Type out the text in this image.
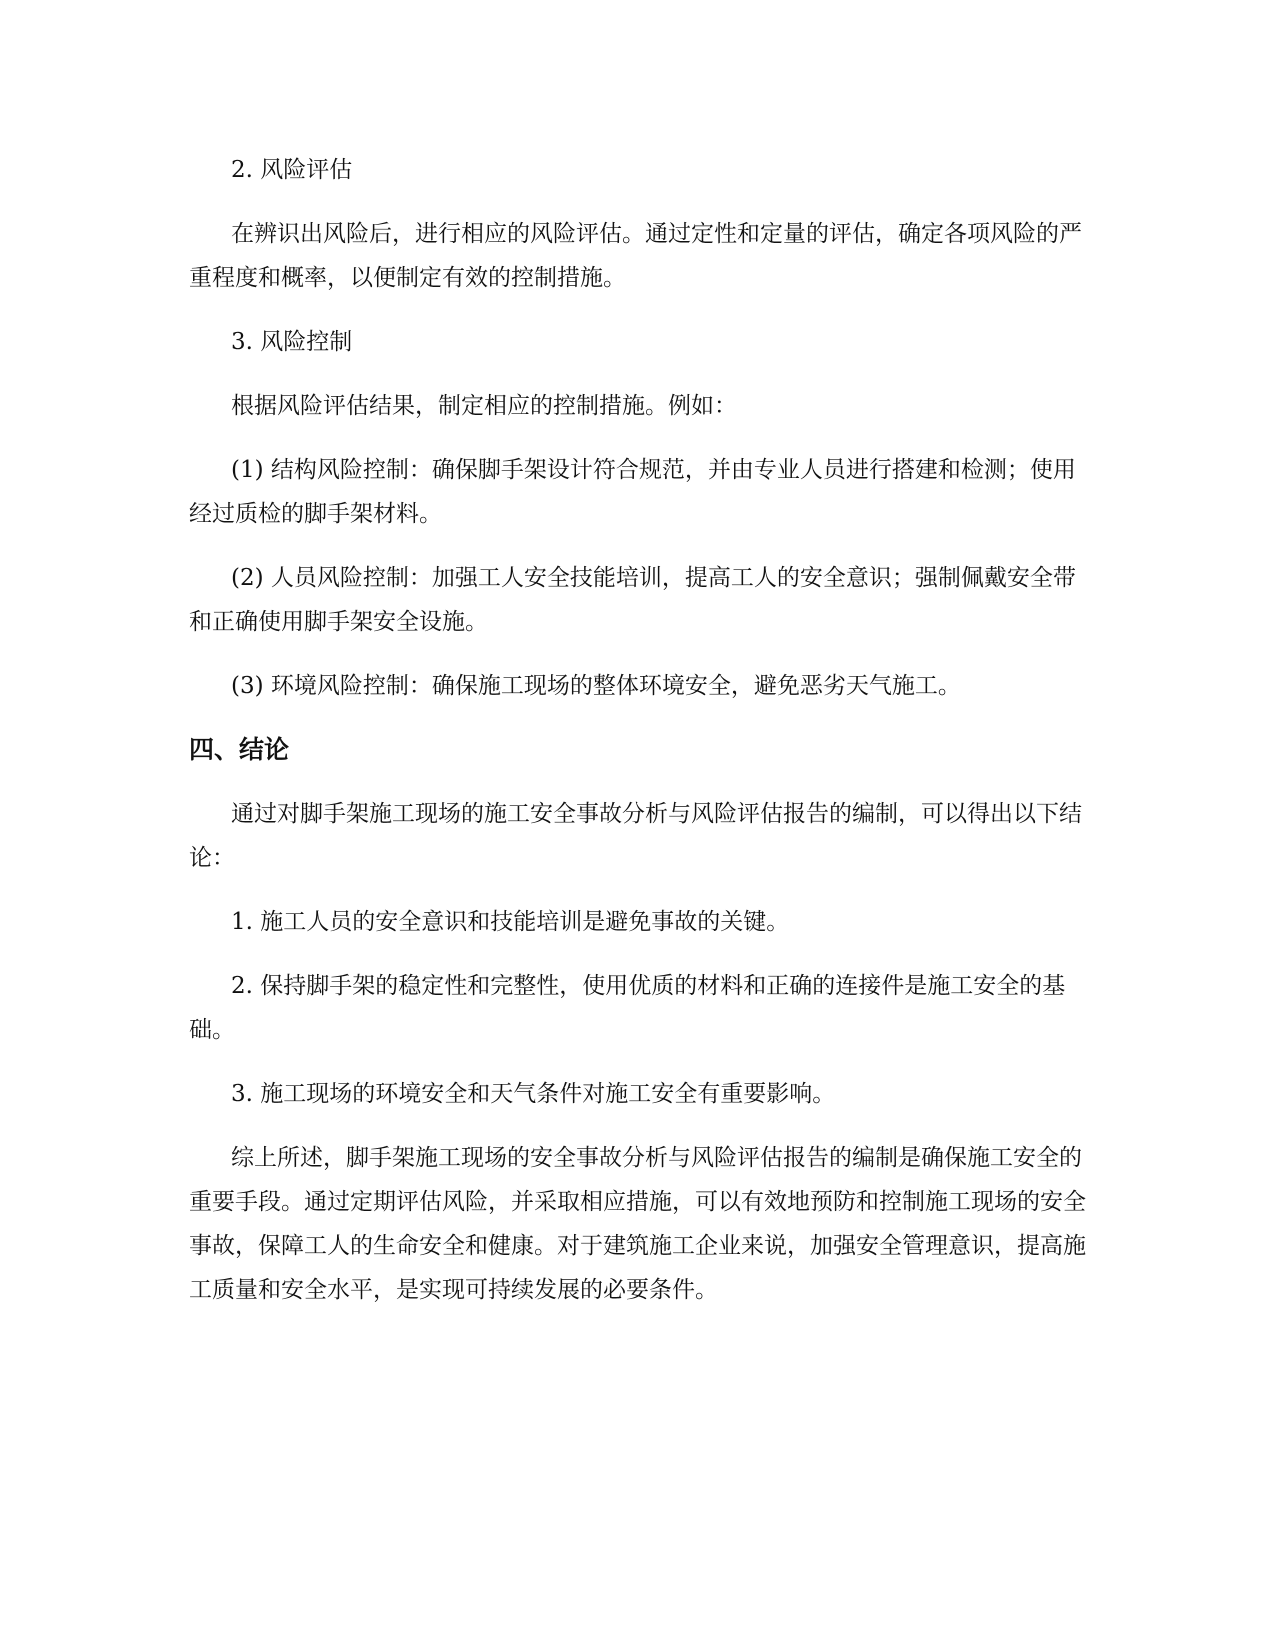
2. 风险评估

在辨识出风险后，进行相应的风险评估。通过定性和定量的评估，确定各项风险的严重程度和概率，以便制定有效的控制措施。

3. 风险控制

根据风险评估结果，制定相应的控制措施。例如：

(1) 结构风险控制：确保脚手架设计符合规范，并由专业人员进行搭建和检测；使用经过质检的脚手架材料。

(2) 人员风险控制：加强工人安全技能培训，提高工人的安全意识；强制佩戴安全带和正确使用脚手架安全设施。

(3) 环境风险控制：确保施工现场的整体环境安全，避免恶劣天气施工。

四、结论

通过对脚手架施工现场的施工安全事故分析与风险评估报告的编制，可以得出以下结论：

1. 施工人员的安全意识和技能培训是避免事故的关键。

2. 保持脚手架的稳定性和完整性，使用优质的材料和正确的连接件是施工安全的基础。

3. 施工现场的环境安全和天气条件对施工安全有重要影响。

综上所述，脚手架施工现场的安全事故分析与风险评估报告的编制是确保施工安全的重要手段。通过定期评估风险，并采取相应措施，可以有效地预防和控制施工现场的安全事故，保障工人的生命安全和健康。对于建筑施工企业来说，加强安全管理意识，提高施工质量和安全水平，是实现可持续发展的必要条件。
